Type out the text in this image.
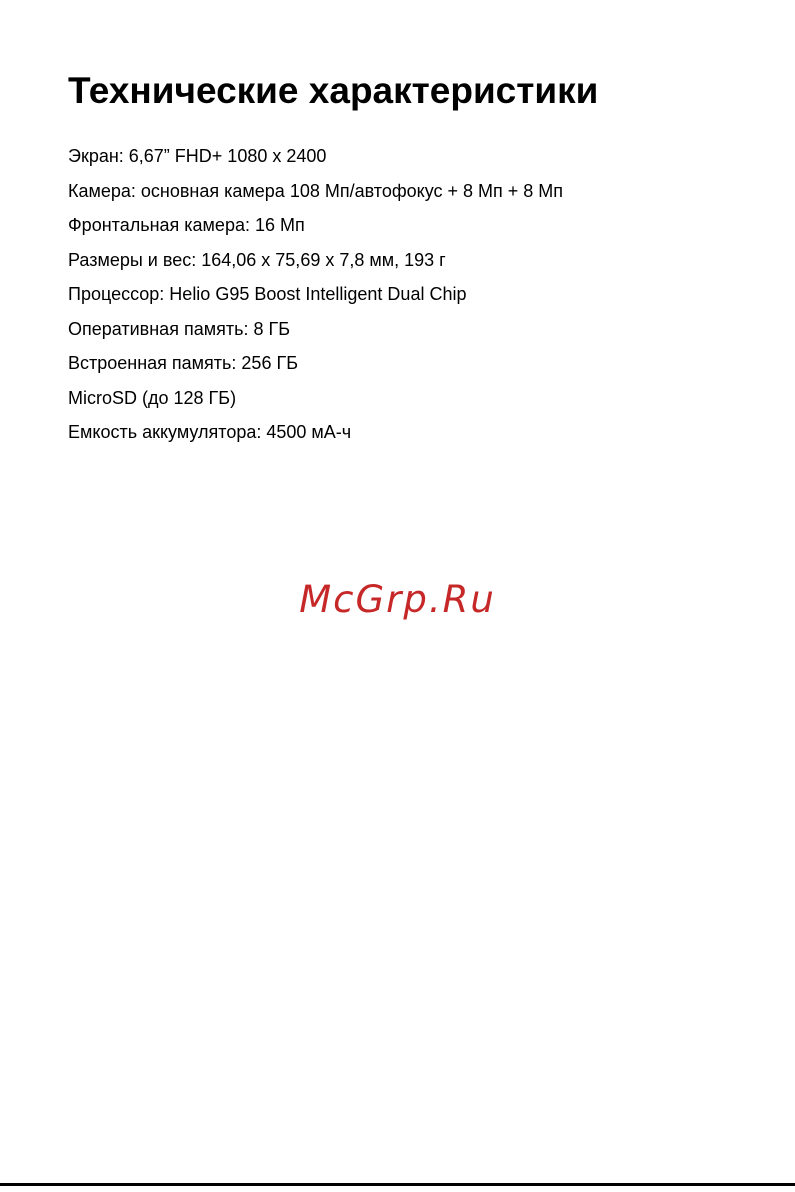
Технические характеристики
Экран: 6,67” FHD+ 1080 x 2400
Камера: основная камера 108 Мп/автофокус + 8 Мп + 8 Мп
Фронтальная камера: 16 Мп
Размеры и вес: 164,06 x 75,69 x 7,8 мм, 193 г
Процессор: Helio G95 Boost Intelligent Dual Chip
Оперативная память: 8 ГБ
Встроенная память: 256 ГБ
MicroSD (до 128 ГБ)
Емкость аккумулятора: 4500 мА-ч
McGrp.Ru
